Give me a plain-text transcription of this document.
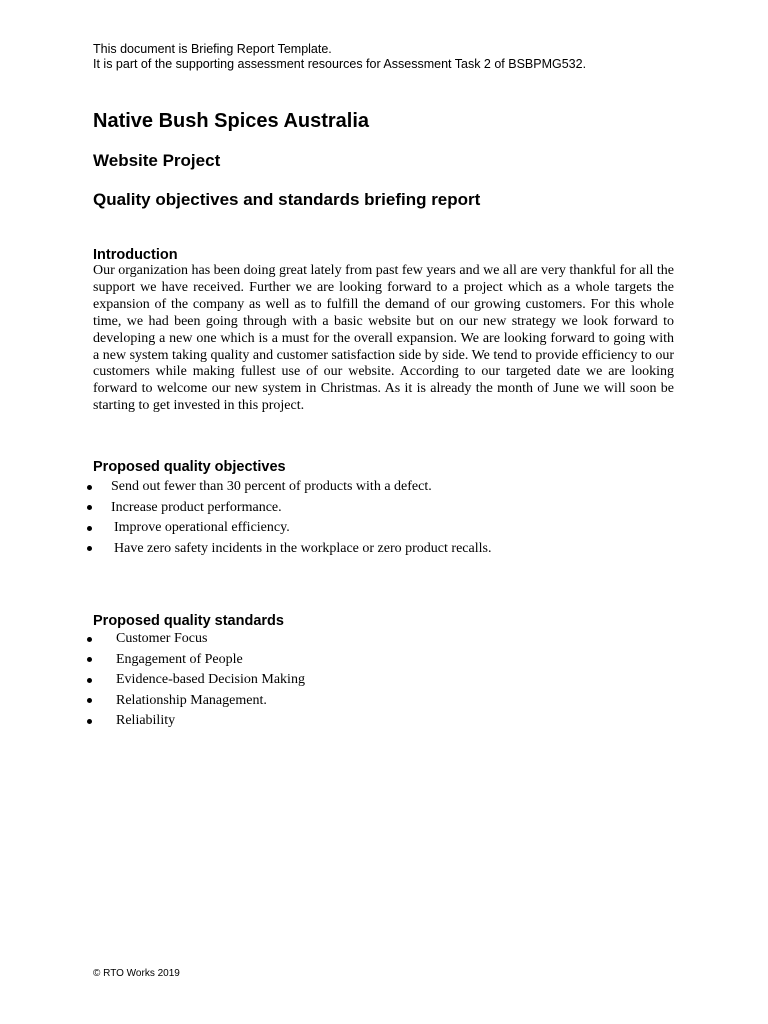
This document is Briefing Report Template.
It is part of the supporting assessment resources for Assessment Task 2 of BSBPMG532.
Native Bush Spices Australia
Website Project
Quality objectives and standards briefing report
Introduction
Our organization has been doing great lately from past few years and we all are very thankful for all the support we have received. Further we are looking forward to a project which as a whole targets the expansion of the company as well as to fulfill the demand of our growing customers. For this whole time, we had been going through with a basic website but on our new strategy we look forward to developing a new one which is a must for the overall expansion. We are looking forward to going with a new system taking quality and customer satisfaction side by side. We tend to provide efficiency to our customers while making fullest use of our website. According to our targeted date we are looking forward to welcome our new system in Christmas. As it is already the month of June we will soon be starting to get invested in this project.
Proposed quality objectives
Send out fewer than 30 percent of products with a defect.
Increase product performance.
Improve operational efficiency.
Have zero safety incidents in the workplace or zero product recalls.
Proposed quality standards
Customer Focus
Engagement of People
Evidence-based Decision Making
Relationship Management.
Reliability
© RTO Works 2019
